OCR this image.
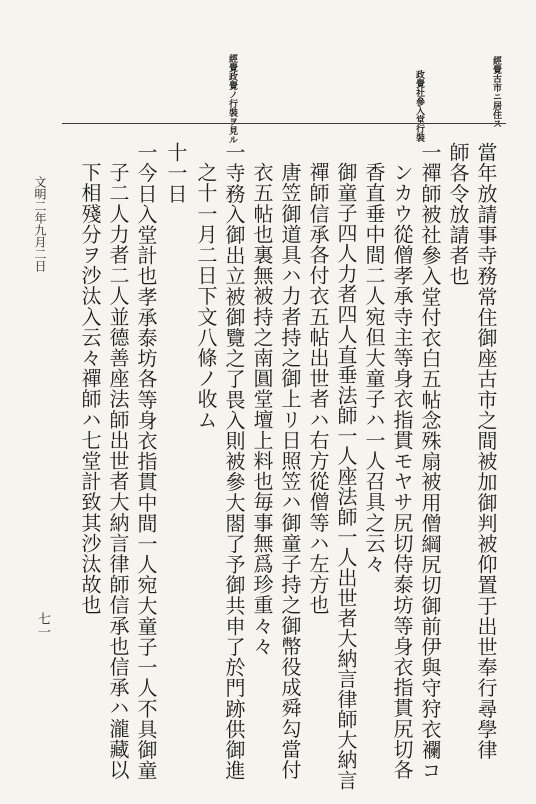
經覺古市ニ居住ス
政覺社參入堂行裝
經覺政覺ノ行裝ヲ見ル
當年放請事寺務常住御座古市之間被加御判被仰置于出世奉行尋學律
師各令放請者也
一禪師被社參入堂付衣白五帖念殊扇被用僧綱尻切御前伊與守狩衣襴コ
ンカウ從僧孝承寺主等身衣指貫モヤサ尻切侍泰坊等身衣指貫尻切各
香直垂中間二人宛但大童子ハ一人召具之云々
御童子四人力者四人直垂法師一人座法師一人出世者大納言律師大納言
禪師信承各付衣五帖出世者ハ右方從僧等ハ左方也
唐笠御道具ハ力者持之御上リ日照笠ハ御童子持之御幣役成舜勾當付
衣五帖也裏無被持之南圓堂壇上料也毎事無爲珍重々々
一寺務入御出立被御覽之了畏入則被參大閤了予御共申了於門跡供御進
之十一月二日下文八條ノ收ム
十一日
一今日入堂計也孝承泰坊各等身衣指貫中間一人宛大童子一人不具御童
子二人力者二人並德善座法師出世者大納言律師信承也信承ハ瀧藏以
下相殘分ヲ沙汰入云々禪師ハ七堂計致其沙汰故也
文明二年九月二日
七一
